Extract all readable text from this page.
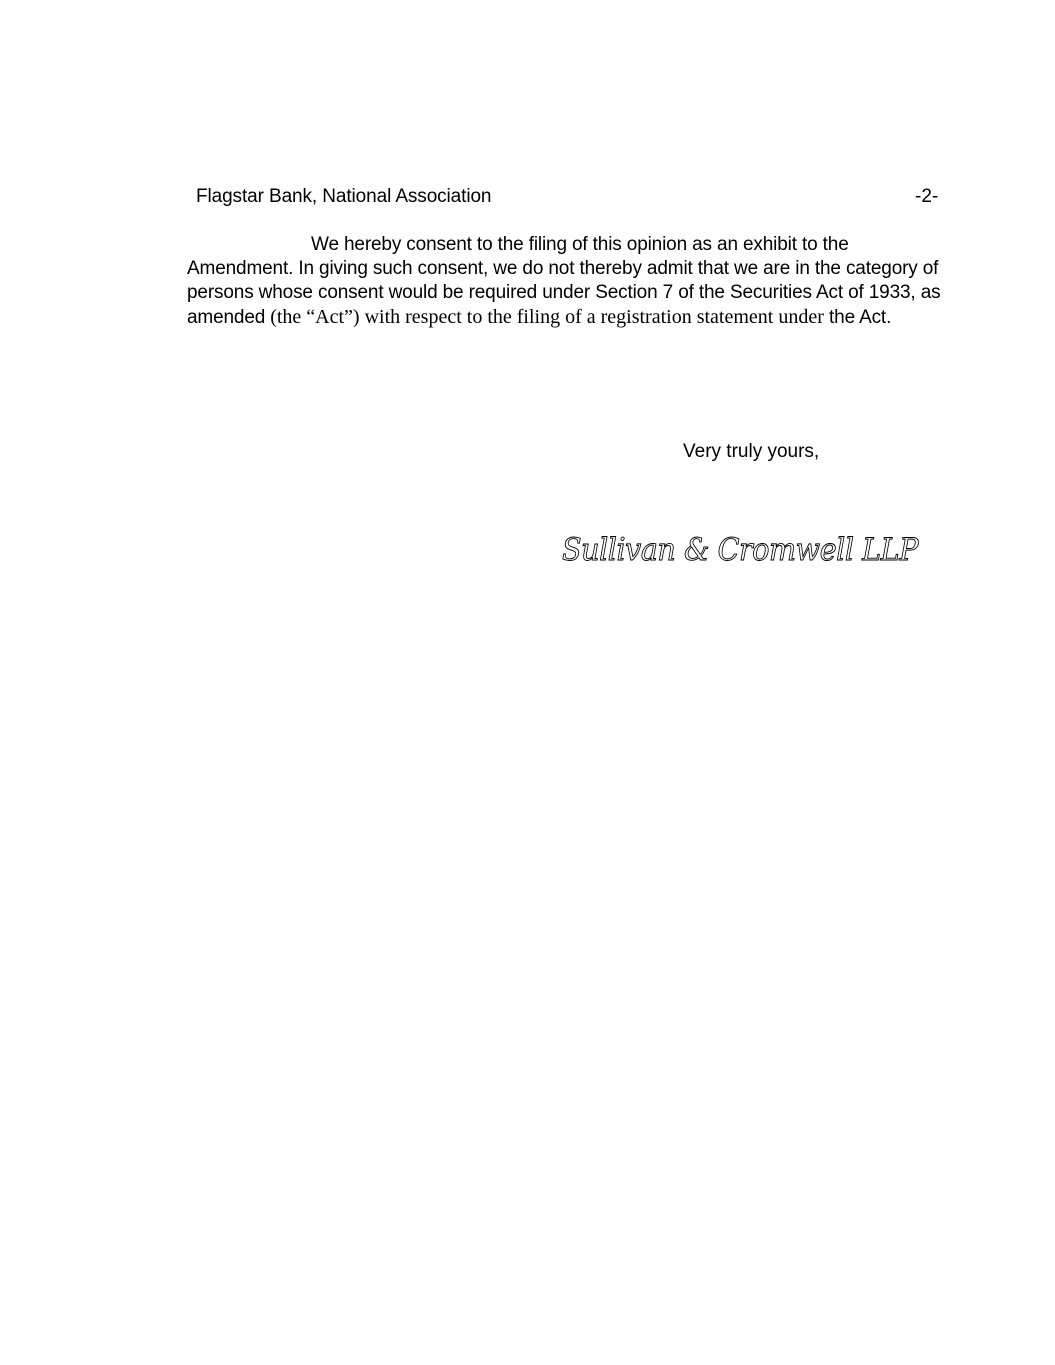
Flagstar Bank, National Association	-2-

We hereby consent to the filing of this opinion as an exhibit to the Amendment. In giving such consent, we do not thereby admit that we are in the category of persons whose consent would be required under Section 7 of the Securities Act of 1933, as amended (the “Act”) with respect to the filing of a registration statement under the Act.

Very truly yours,
Sullivan & Cromwell LLP
